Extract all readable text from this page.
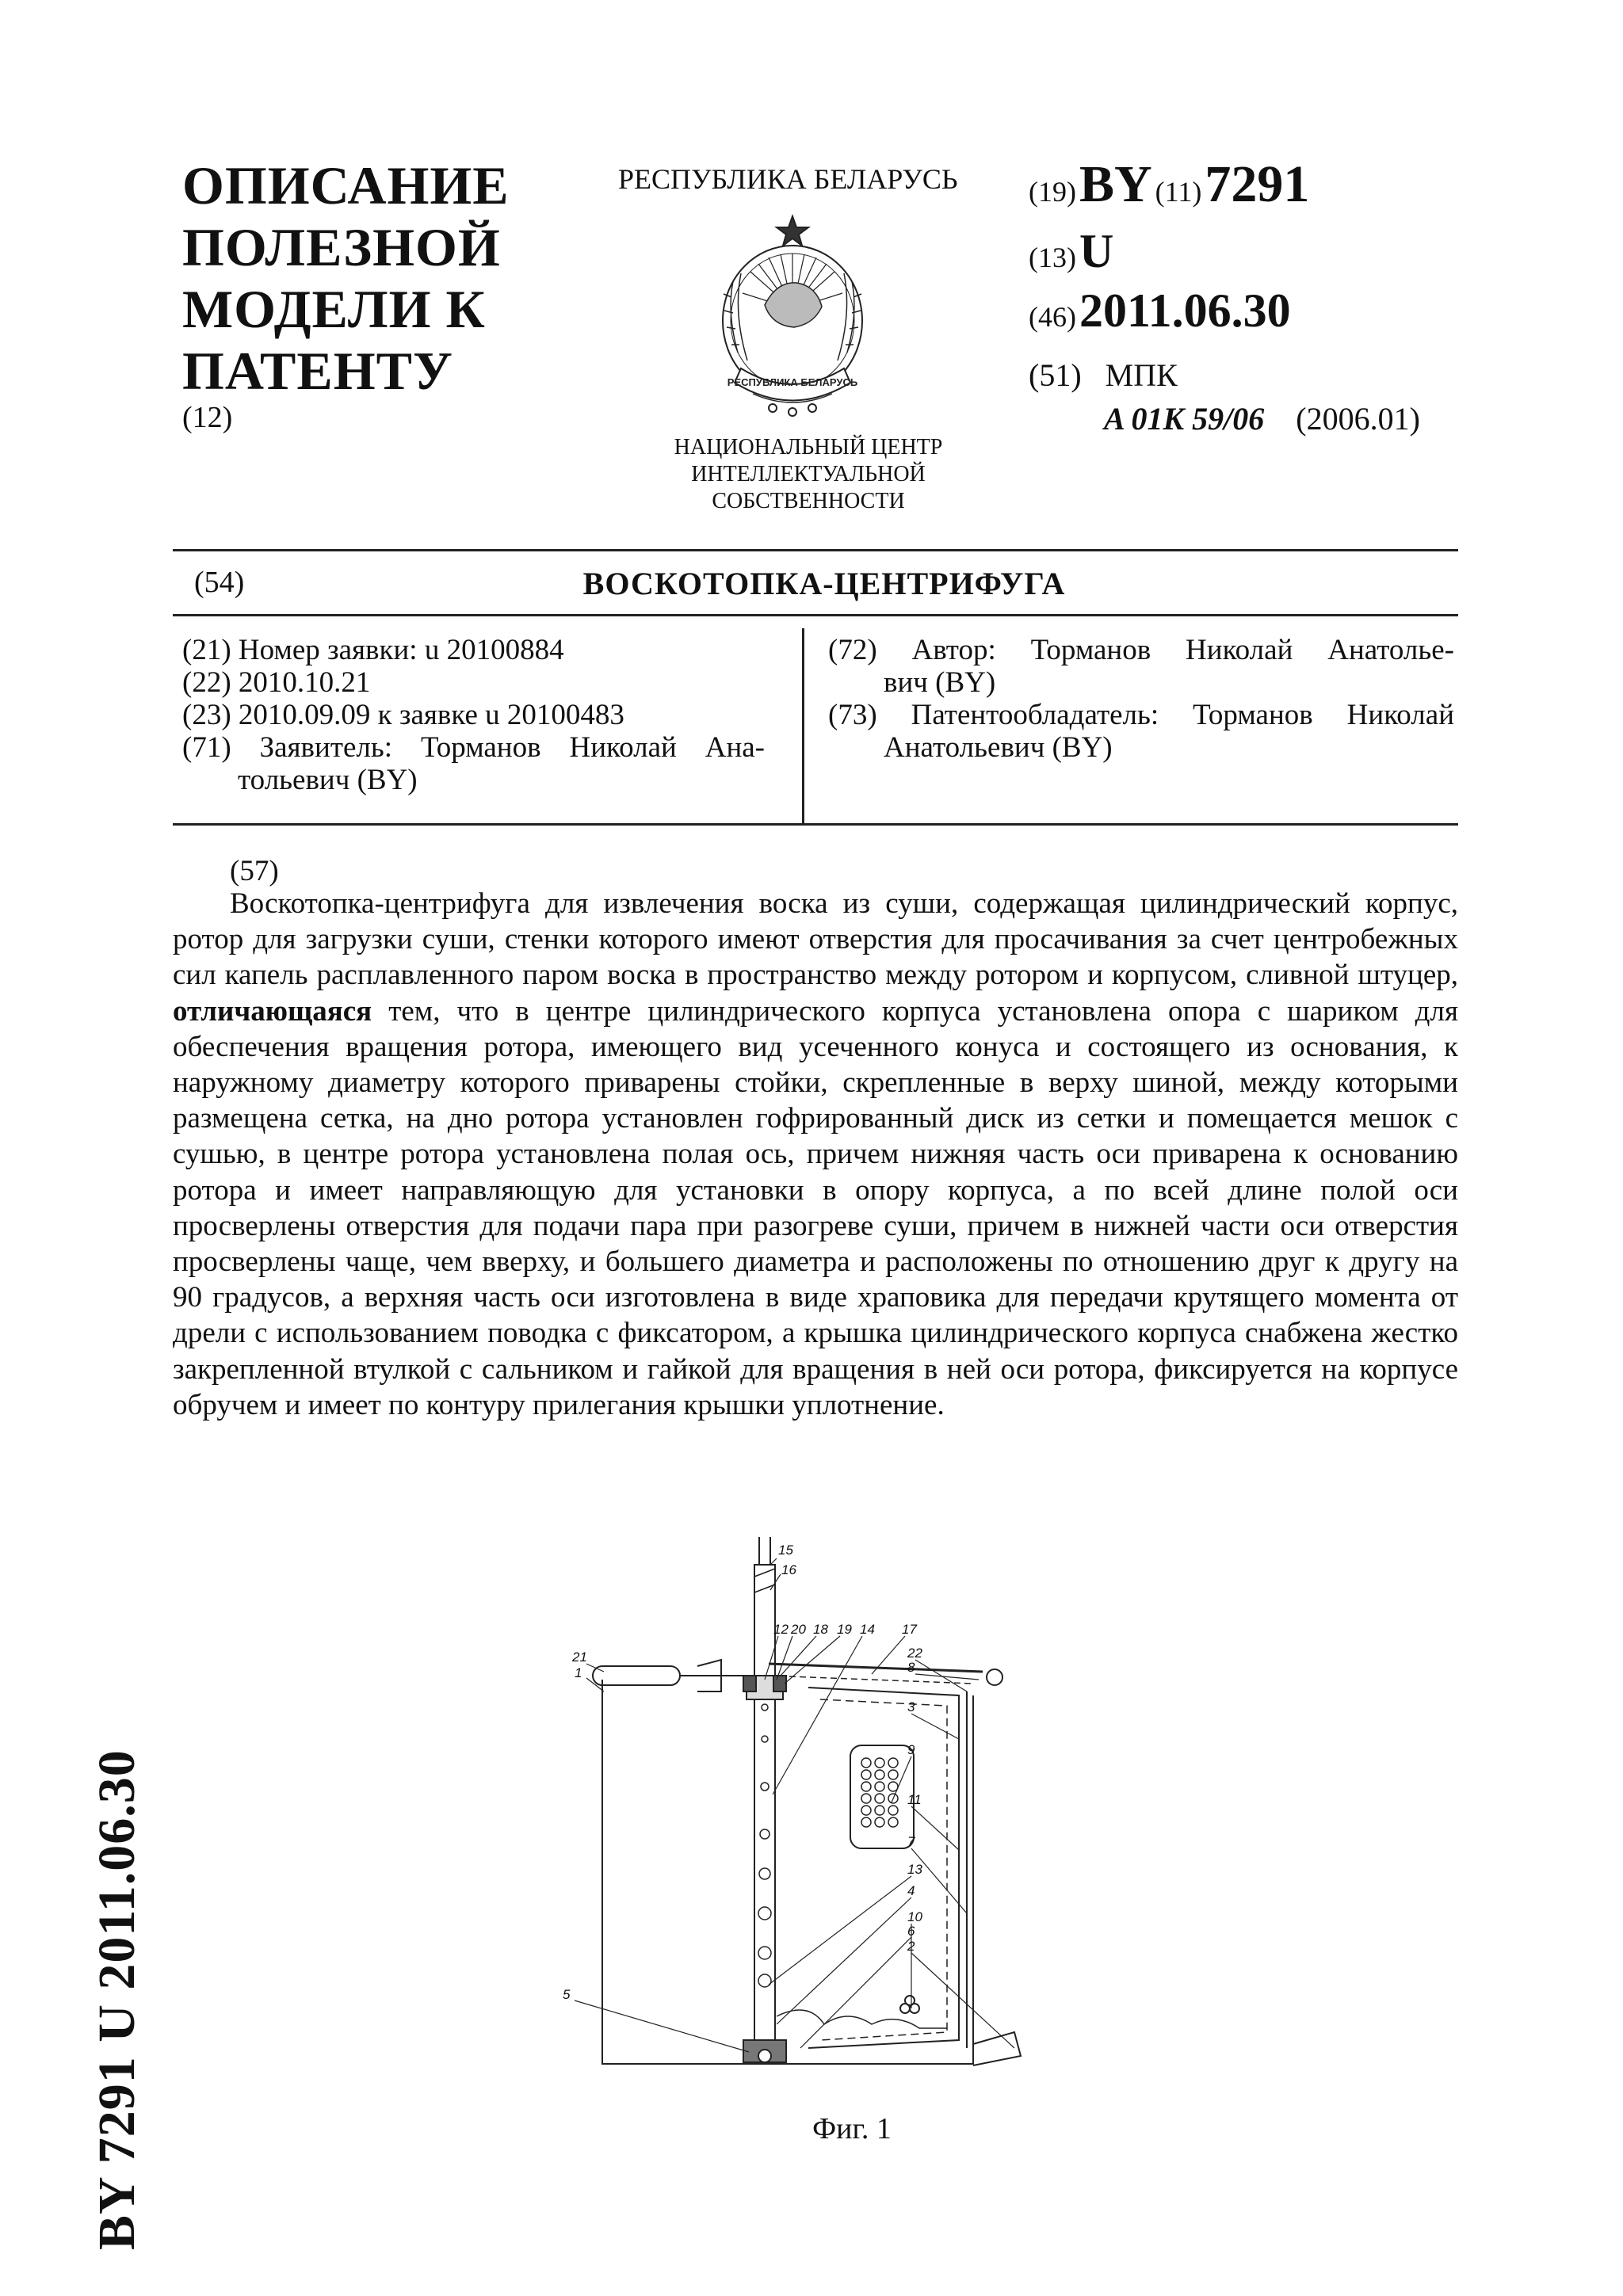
ОПИСАНИЕ
ПОЛЕЗНОЙ
МОДЕЛИ К
ПАТЕНТУ
(12)
РЕСПУБЛИКА БЕЛАРУСЬ
РЕСПУБЛИКА БЕЛАРУСЬ
НАЦИОНАЛЬНЫЙ ЦЕНТР
ИНТЕЛЛЕКТУАЛЬНОЙ
СОБСТВЕННОСТИ
(19) BY (11) 7291
(13) U
(46) 2011.06.30
(51) МПК
A 01K 59/06 (2006.01)
(54)	ВОСКОТОПКА-ЦЕНТРИФУГА
(21) Номер заявки: u 20100884
(22) 2010.10.21
(23) 2010.09.09 к заявке u 20100483
(71) Заявитель: Торманов Николай Ана-
тольевич (BY)
(72) Автор: Торманов Николай Анатолье-
вич (BY)
(73) Патентообладатель: Торманов Николай
Анатольевич (BY)
(57)

Воскотопка-центрифуга для извлечения воска из суши, содержащая цилиндрический корпус, ротор для загрузки суши, стенки которого имеют отверстия для просачивания за счет центробежных сил капель расплавленного паром воска в пространство между ротором и корпусом, сливной штуцер, отличающаяся тем, что в центре цилиндрического корпуса установлена опора с шариком для обеспечения вращения ротора, имеющего вид усеченного конуса и состоящего из основания, к наружному диаметру которого приварены стойки, скрепленные в верху шиной, между которыми размещена сетка, на дно ротора установлен гофрированный диск из сетки и помещается мешок с сушью, в центре ротора установлена полая ось, причем нижняя часть оси приварена к основанию ротора и имеет направляющую для установки в опору корпуса, а по всей длине полой оси просверлены отверстия для подачи пара при разогреве суши, причем в нижней части оси отверстия просверлены чаще, чем вверху, и большего диаметра и расположены по отношению друг к другу на 90 градусов, а верхняя часть оси изготовлена в виде храповика для передачи крутящего момента от дрели с использованием поводка с фиксатором, а крышка цилиндрического корпуса снабжена жестко закрепленной втулкой с сальником и гайкой для вращения в ней оси ротора, фиксируется на корпусе обручем и имеет по контуру прилегания крышки уплотнение.

15
16
12 20 18 19 14 17
22
8
3
9
11
7
13
4
10
6
2
21
1
5
Фиг. 1
BY 7291 U 2011.06.30
